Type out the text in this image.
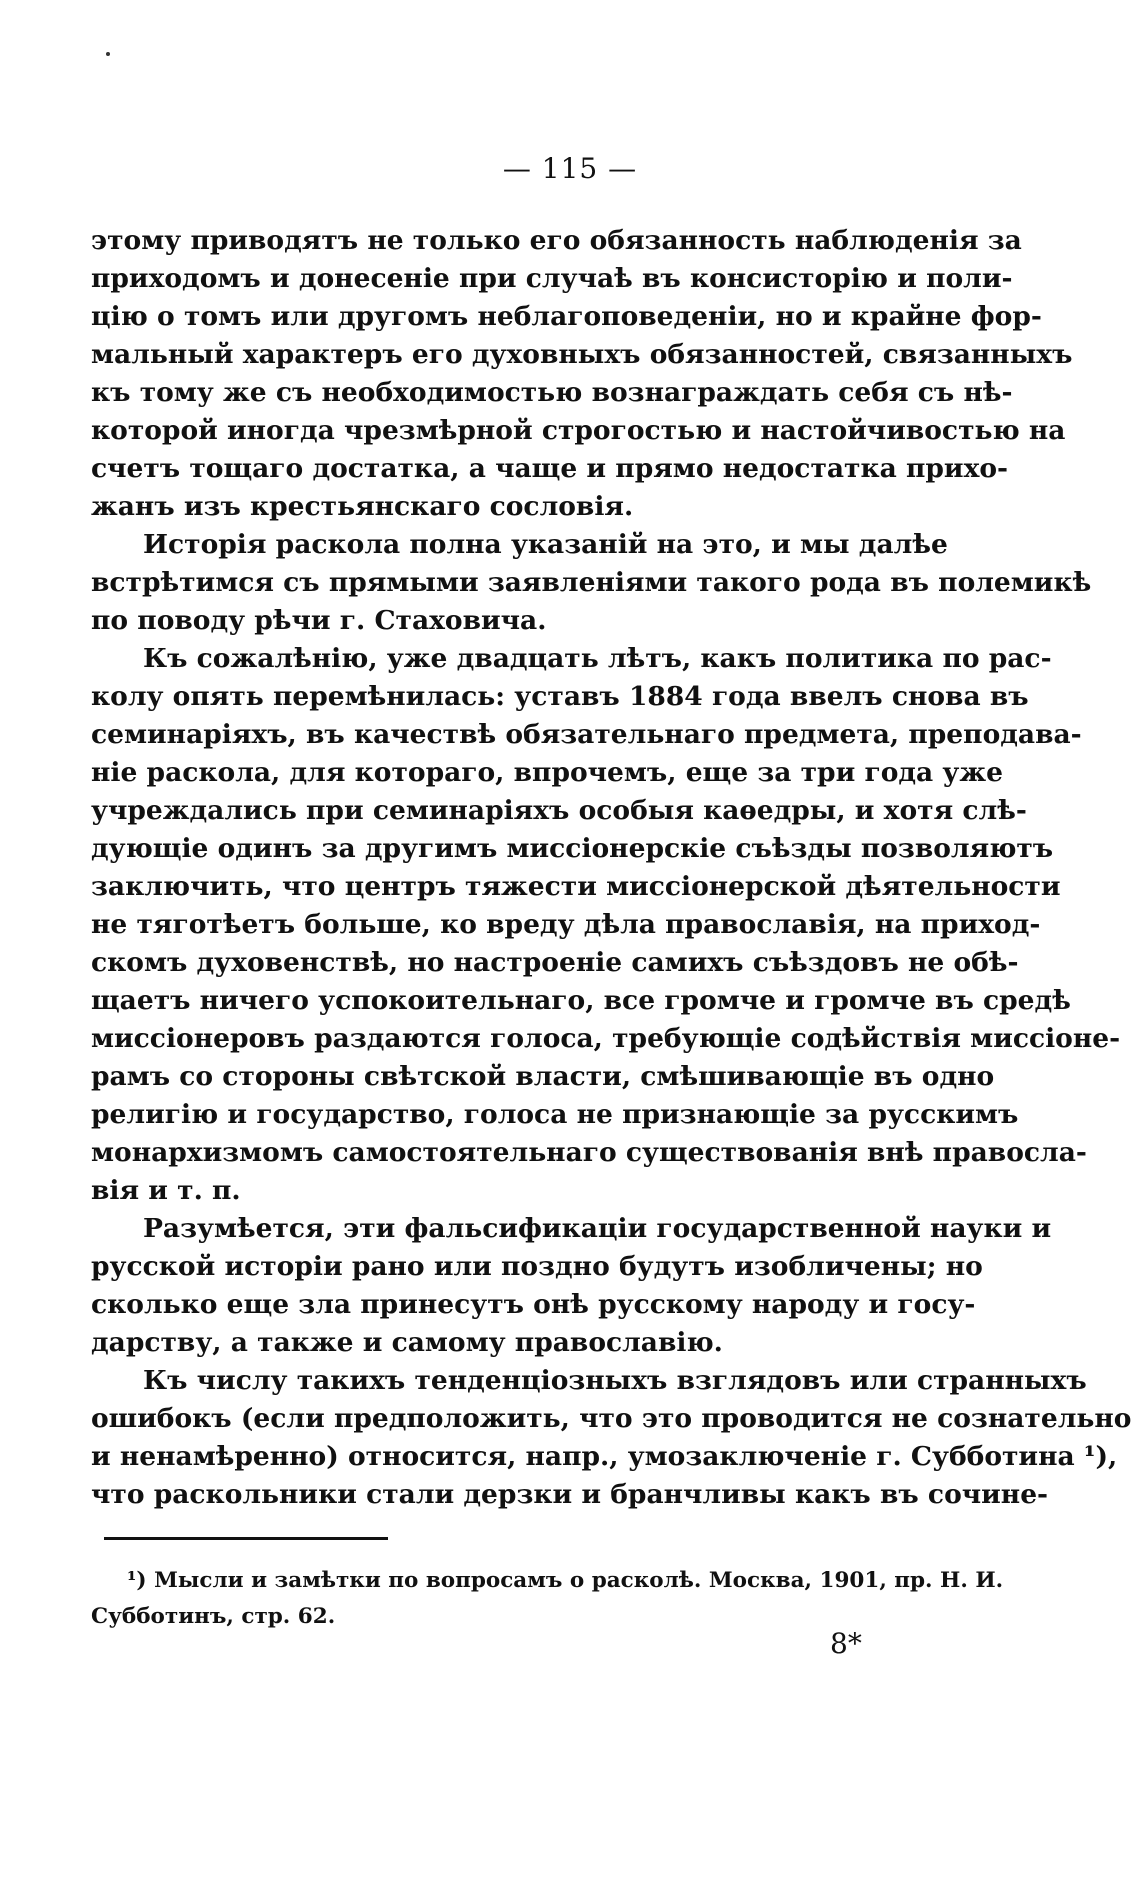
— 115 —
этому приводятъ не только его обязанность наблюденія за
приходомъ и донесеніе при случаѣ въ консисторію и поли-
цію о томъ или другомъ неблагоповеденіи, но и крайне фор-
мальный характеръ его духовныхъ обязанностей, связанныхъ
къ тому же съ необходимостью вознаграждать себя съ нѣ-
которой иногда чрезмѣрной строгостью и настойчивостью на
счетъ тощаго достатка, а чаще и прямо недостатка прихо-
жанъ изъ крестьянскаго сословія.
Исторія раскола полна указаній на это, и мы далѣе
встрѣтимся съ прямыми заявленіями такого рода въ полемикѣ
по поводу рѣчи г. Стаховича.
Къ сожалѣнію, уже двадцать лѣтъ, какъ политика по рас-
колу опять перемѣнилась: уставъ 1884 года ввелъ снова въ
семинаріяхъ, въ качествѣ обязательнаго предмета, преподава-
ніе раскола, для котораго, впрочемъ, еще за три года уже
учреждались при семинаріяхъ особыя каѳедры, и хотя слѣ-
дующіе одинъ за другимъ миссіонерскіе съѣзды позволяютъ
заключить, что центръ тяжести миссіонерской дѣятельности
не тяготѣетъ больше, ко вреду дѣла православія, на приход-
скомъ духовенствѣ, но настроеніе самихъ съѣздовъ не обѣ-
щаетъ ничего успокоительнаго, все громче и громче въ средѣ
миссіонеровъ раздаются голоса, требующіе содѣйствія миссіоне-
рамъ со стороны свѣтской власти, смѣшивающіе въ одно
религію и государство, голоса не признающіе за русскимъ
монархизмомъ самостоятельнаго существованія внѣ правосла-
вія и т. п.
Разумѣется, эти фальсификаціи государственной науки и
русской исторіи рано или поздно будутъ изобличены; но
сколько еще зла принесутъ онѣ русскому народу и госу-
дарству, а также и самому православію.
Къ числу такихъ тенденціозныхъ взглядовъ или странныхъ
ошибокъ (если предположить, что это проводится не сознательно
и ненамѣренно) относится, напр., умозаключеніе г. Субботина ¹),
что раскольники стали дерзки и бранчливы какъ въ сочине-
¹) Мысли и замѣтки по вопросамъ о расколѣ. Москва, 1901, пр. Н. И.
Субботинъ, стр. 62.
8*
